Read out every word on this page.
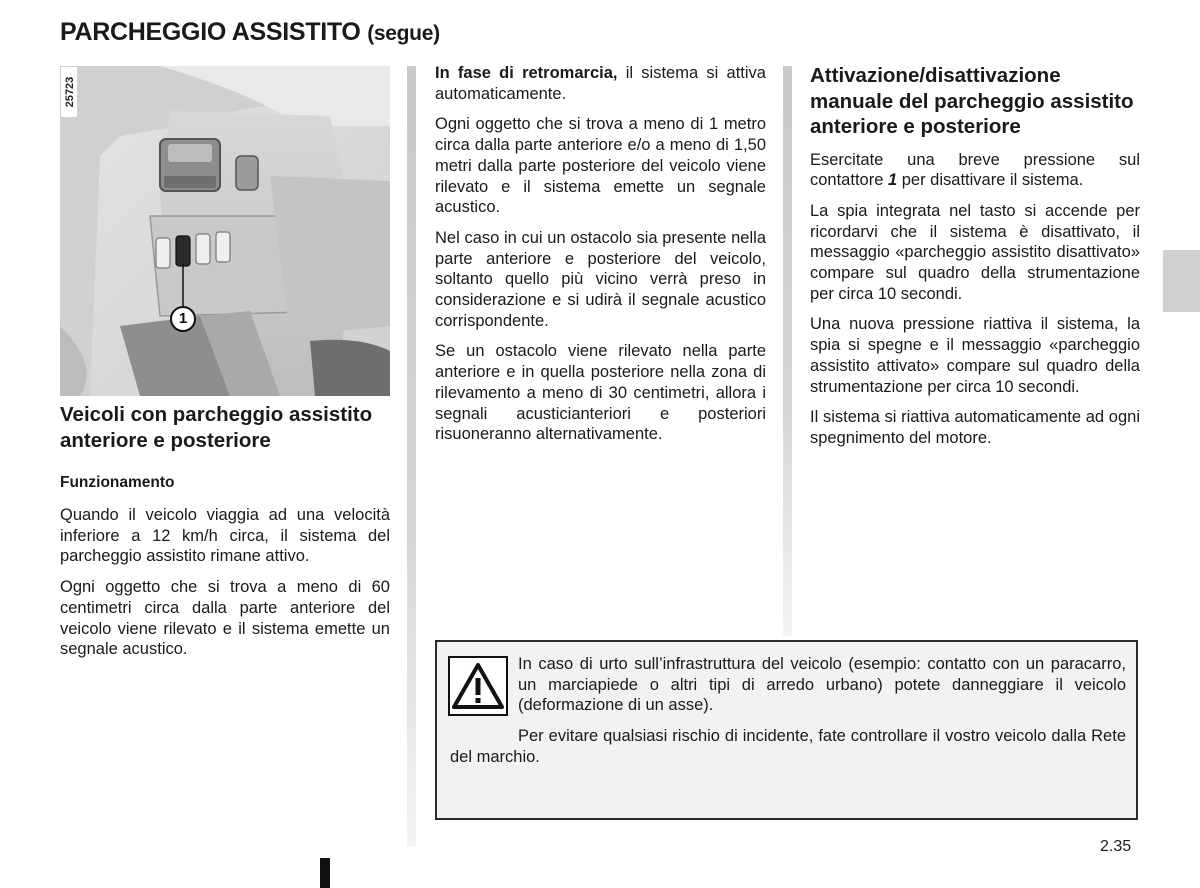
PARCHEGGIO ASSISTITO (segue)
25723
1
Veicoli con parcheggio assistito anteriore e posteriore
Funzionamento

Quando il veicolo viaggia ad una velocità inferiore a 12 km/h circa, il sistema del parcheggio assistito rimane attivo.

Ogni oggetto che si trova a meno di 60 centimetri circa dalla parte anteriore del veicolo viene rilevato e il sistema emette un segnale acustico.

In fase di retromarcia, il sistema si attiva automaticamente.

Ogni oggetto che si trova a meno di 1 metro circa dalla parte anteriore e/o a meno di 1,50 metri dalla parte posteriore del veicolo viene rilevato e il sistema emette un segnale acustico.

Nel caso in cui un ostacolo sia presente nella parte anteriore e posteriore del veicolo, soltanto quello più vicino verrà preso in considerazione e si udirà il segnale acustico corrispondente.

Se un ostacolo viene rilevato nella parte anteriore e in quella posteriore nella zona di rilevamento a meno di 30 centimetri, allora i segnali acusticianteriori e posteriori risuoneranno alternativamente.

Attivazione/disattivazione manuale del parcheggio assistito anteriore e posteriore

Esercitate una breve pressione sul contattore 1 per disattivare il sistema.

La spia integrata nel tasto si accende per ricordarvi che il sistema è disattivato, il messaggio «parcheggio assistito disattivato» compare sul quadro della strumentazione per circa 10 secondi.

Una nuova pressione riattiva il sistema, la spia si spegne e il messaggio «parcheggio assistito attivato» compare sul quadro della strumentazione per circa 10 secondi.

Il sistema si riattiva automaticamente ad ogni spegnimento del motore.

In caso di urto sull’infrastruttura del veicolo (esempio: contatto con un paracarro, un marciapiede o altri tipi di arredo urbano) potete danneggiare il veicolo (deformazione di un asse).

Per evitare qualsiasi rischio di incidente, fate controllare il vostro veicolo dalla Rete del marchio.

2.35
